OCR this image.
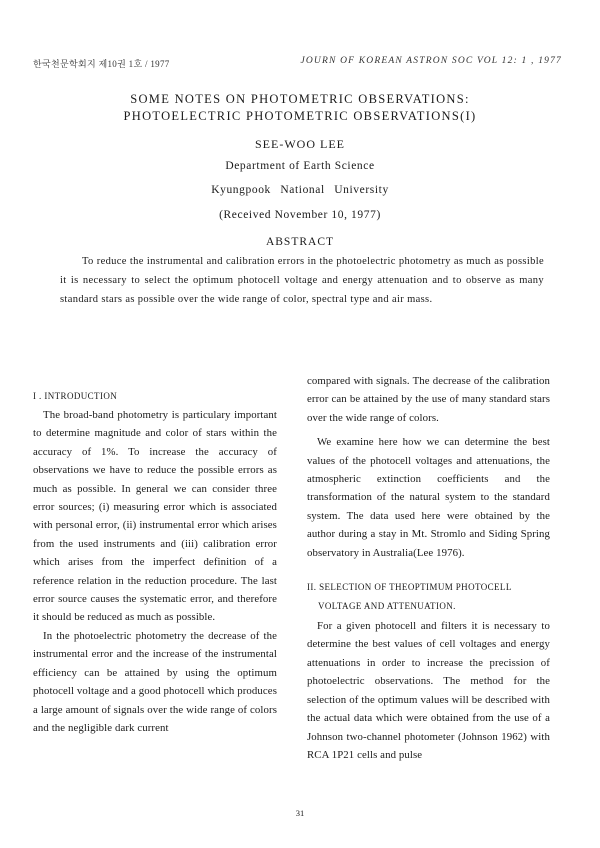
한국천문학회지 제10권 1호 / 1977	JOURN OF KOREAN ASTRON SOC VOL 12: 1 , 1977
SOME NOTES ON PHOTOMETRIC OBSERVATIONS:
PHOTOELECTRIC PHOTOMETRIC OBSERVATIONS(I)
SEE-WOO LEE
Department of Earth Science
Kyungpook National University
(Received November 10, 1977)
ABSTRACT
To reduce the instrumental and calibration errors in the photoelectric photometry as much as possible it is necessary to select the optimum photocell voltage and energy attenuation and to observe as many standard stars as possible over the wide range of color, spectral type and air mass.
I . INTRODUCTION

The broad-band photometry is particulary important to determine magnitude and color of stars within the accuracy of 1%. To increase the accuracy of observations we have to reduce the possible errors as much as possible. In general we can consider three error sources; (i) measuring error which is associated with personal error, (ii) instrumental error which arises from the used instruments and (iii) calibration error which arises from the imperfect definition of a reference relation in the reduction procedure. The last error source causes the systematic error, and therefore it should be reduced as much as possible.

In the photoelectric photometry the decrease of the instrumental error and the increase of the instrumental efficiency can be attained by using the optimum photocell voltage and a good photocell which produces a large amount of signals over the wide range of colors and the negligible dark current

compared with signals. The decrease of the calibration error can be attained by the use of many standard stars over the wide range of colors.

We examine here how we can determine the best values of the photocell voltages and attenuations, the atmospheric extinction coefficients and the transformation of the natural system to the standard system. The data used here were obtained by the author during a stay in Mt. Stromlo and Siding Spring observatory in Australia(Lee 1976).

II. SELECTION OF THEOPTIMUM PHOTOCELL
VOLTAGE AND ATTENUATION.

For a given photocell and filters it is necessary to determine the best values of cell voltages and energy attenuations in order to increase the precission of photoelectric observations. The method for the selection of the optimum values will be described with the actual data which were obtained from the use of a Johnson two-channel photometer (Johnson 1962) with RCA 1P21 cells and pulse

31
